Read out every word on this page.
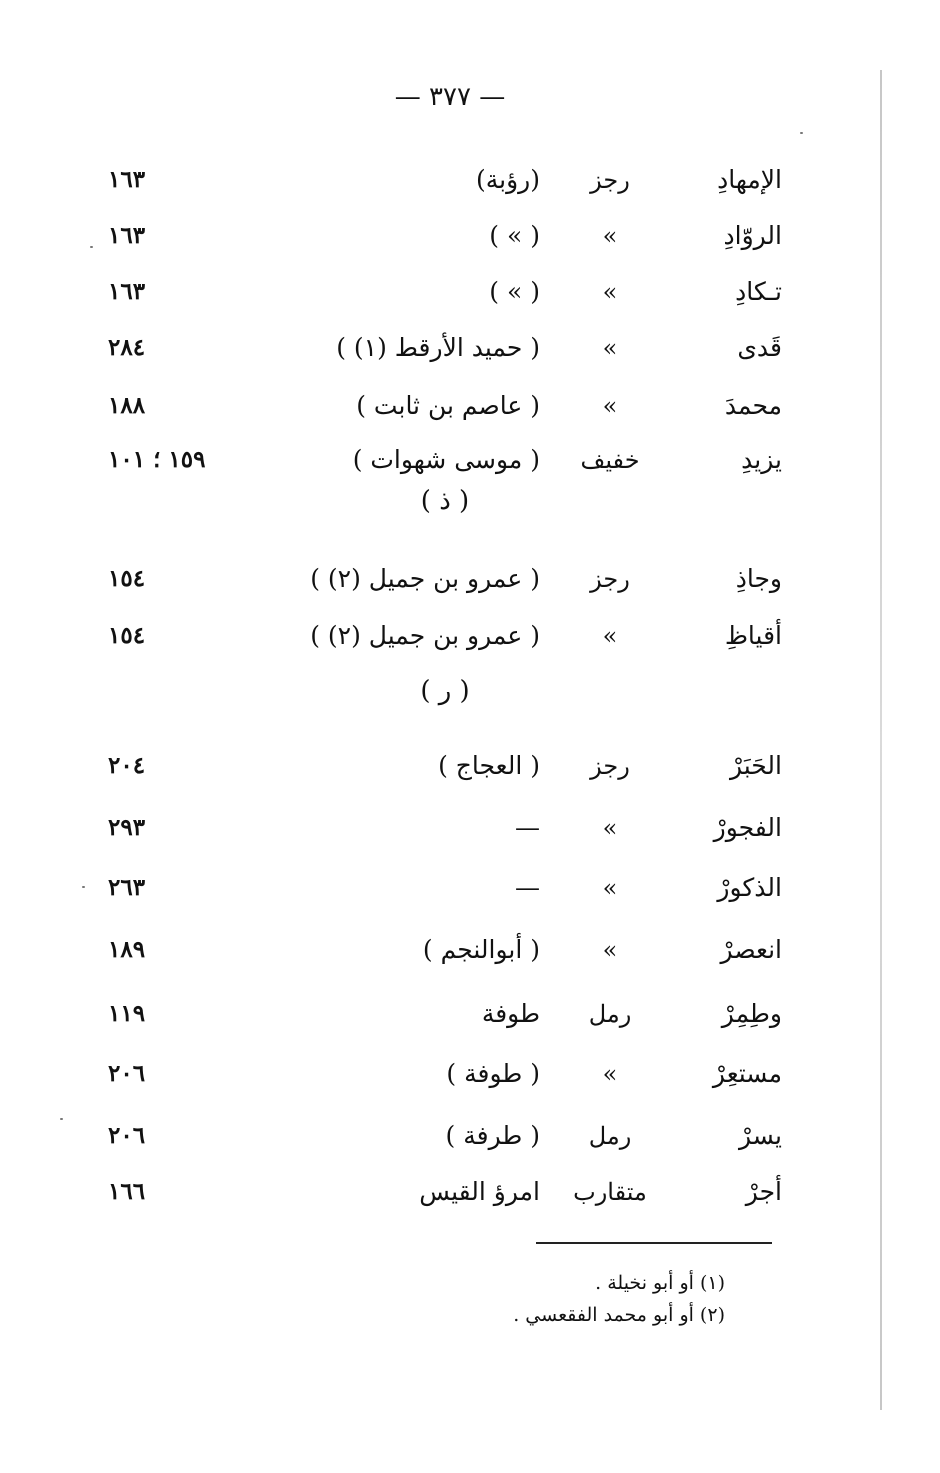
— ٣٧٧ —
الإمهادِ
رجز
(رؤبة)
١٦٣
الروّادِ
»
( » )
١٦٣
تـكادِ
»
( » )
١٦٣
قَدى
»
( حميد الأرقط (١) )
٢٨٤
محمدَ
»
( عاصم بن ثابت )
١٨٨
يزيدِ
خفيف
( موسى شهوات )
١٥٩ ؛ ١٠١
( ذ )
وجاذِ
رجز
( عمرو بن جميل (٢) )
١٥٤
أقياظِ
»
( عمرو بن جميل (٢) )
١٥٤
( ر )
الحَبَرْ
رجز
( العجاج )
٢٠٤
الفجورْ
»
—
٢٩٣
الذكورْ
»
—
٢٦٣
انعصرْ
»
( أبوالنجم )
١٨٩
وطِمِرْ
رمل
طوفة
١١٩
مستعِرْ
»
( طوفة )
٢٠٦
يسرْ
رمل
( طرفة )
٢٠٦
أجرْ
متقارب
امرؤ القيس
١٦٦
(١) أو أبو نخيلة .
(٢) أو أبو محمد الفقعسي .
